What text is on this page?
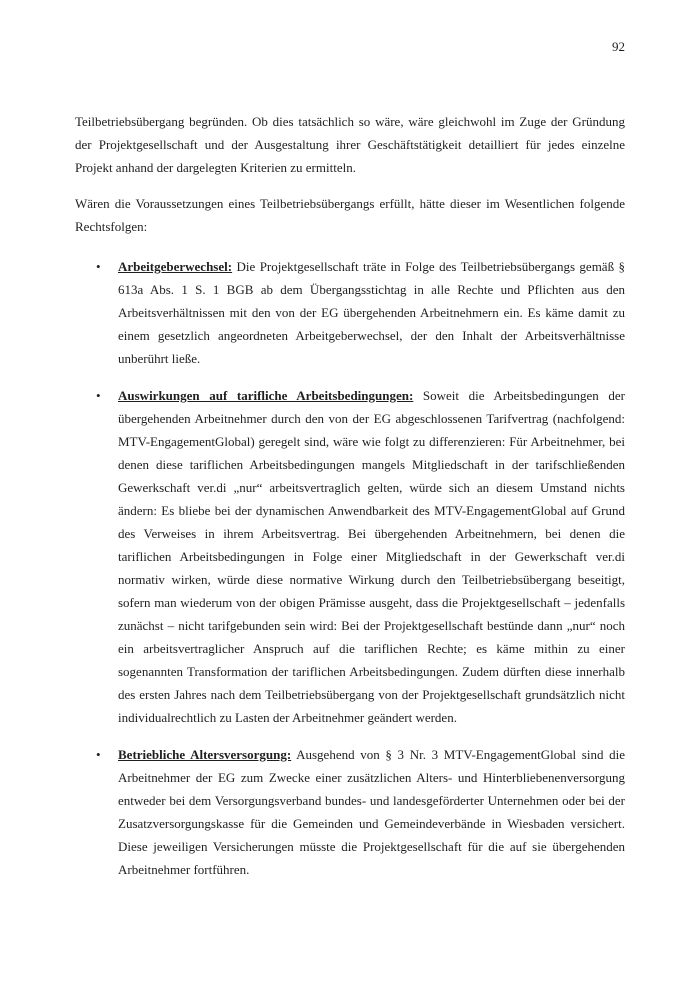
92

Teilbetriebsübergang begründen. Ob dies tatsächlich so wäre, wäre gleichwohl im Zuge der Gründung der Projektgesellschaft und der Ausgestaltung ihrer Geschäftstätigkeit detailliert für jedes einzelne Projekt anhand der dargelegten Kriterien zu ermitteln.

Wären die Voraussetzungen eines Teilbetriebsübergangs erfüllt, hätte dieser im Wesentlichen folgende Rechtsfolgen:

• Arbeitgeberwechsel: Die Projektgesellschaft träte in Folge des Teilbetriebsübergangs gemäß § 613a Abs. 1 S. 1 BGB ab dem Übergangsstichtag in alle Rechte und Pflichten aus den Arbeitsverhältnissen mit den von der EG übergehenden Arbeitnehmern ein. Es käme damit zu einem gesetzlich angeordneten Arbeitgeberwechsel, der den Inhalt der Arbeitsverhältnisse unberührt ließe.
• Auswirkungen auf tarifliche Arbeitsbedingungen: Soweit die Arbeitsbedingungen der übergehenden Arbeitnehmer durch den von der EG abgeschlossenen Tarifvertrag (nachfolgend: MTV-EngagementGlobal) geregelt sind, wäre wie folgt zu differenzieren: Für Arbeitnehmer, bei denen diese tariflichen Arbeitsbedingungen mangels Mitgliedschaft in der tarifschließenden Gewerkschaft ver.di „nur“ arbeitsvertraglich gelten, würde sich an diesem Umstand nichts ändern: Es bliebe bei der dynamischen Anwendbarkeit des MTV-EngagementGlobal auf Grund des Verweises in ihrem Arbeitsvertrag. Bei übergehenden Arbeitnehmern, bei denen die tariflichen Arbeitsbedingungen in Folge einer Mitgliedschaft in der Gewerkschaft ver.di normativ wirken, würde diese normative Wirkung durch den Teilbetriebsübergang beseitigt, sofern man wiederum von der obigen Prämisse ausgeht, dass die Projektgesellschaft – jedenfalls zunächst – nicht tarifgebunden sein wird: Bei der Projektgesellschaft bestünde dann „nur“ noch ein arbeitsvertraglicher Anspruch auf die tariflichen Rechte; es käme mithin zu einer sogenannten Transformation der tariflichen Arbeitsbedingungen. Zudem dürften diese innerhalb des ersten Jahres nach dem Teilbetriebsübergang von der Projektgesellschaft grundsätzlich nicht individualrechtlich zu Lasten der Arbeitnehmer geändert werden.
• Betriebliche Altersversorgung: Ausgehend von § 3 Nr. 3 MTV-EngagementGlobal sind die Arbeitnehmer der EG zum Zwecke einer zusätzlichen Alters- und Hinterbliebenenversorgung entweder bei dem Versorgungsverband bundes- und landesgeförderter Unternehmen oder bei der Zusatzversorgungskasse für die Gemeinden und Gemeindeverbände in Wiesbaden versichert. Diese jeweiligen Versicherungen müsste die Projektgesellschaft für die auf sie übergehenden Arbeitnehmer fortführen.
